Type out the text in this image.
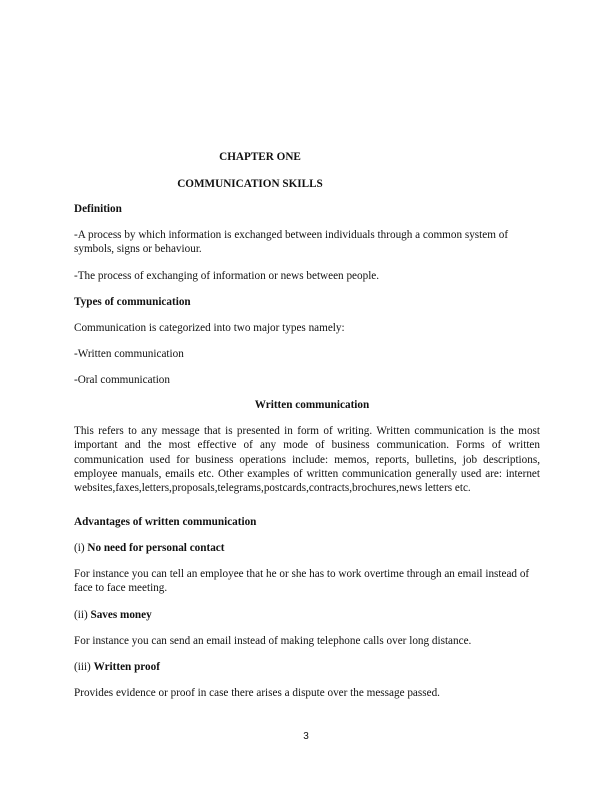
CHAPTER ONE
COMMUNICATION SKILLS
Definition
-A process by which information is exchanged between individuals through a common system of symbols, signs or behaviour.
-The process of exchanging of information or news between people.
Types of communication
Communication is categorized into two major types namely:
-Written communication
-Oral communication
Written communication
This refers to any message that is presented in form of writing. Written communication is the most important and the most effective of any mode of business communication. Forms of written communication used for business operations include: memos, reports, bulletins, job descriptions, employee manuals, emails etc. Other examples of written communication generally used are: internet websites,faxes,letters,proposals,telegrams,postcards,contracts,brochures,news letters etc.
Advantages of written communication
(i) No need for personal contact
For instance you can tell an employee that he or she has to work overtime through an email instead of face to face meeting.
(ii) Saves money
For instance you can send an email instead of making telephone calls over long distance.
(iii) Written proof
Provides evidence or proof in case there arises a dispute over the message passed.
3
